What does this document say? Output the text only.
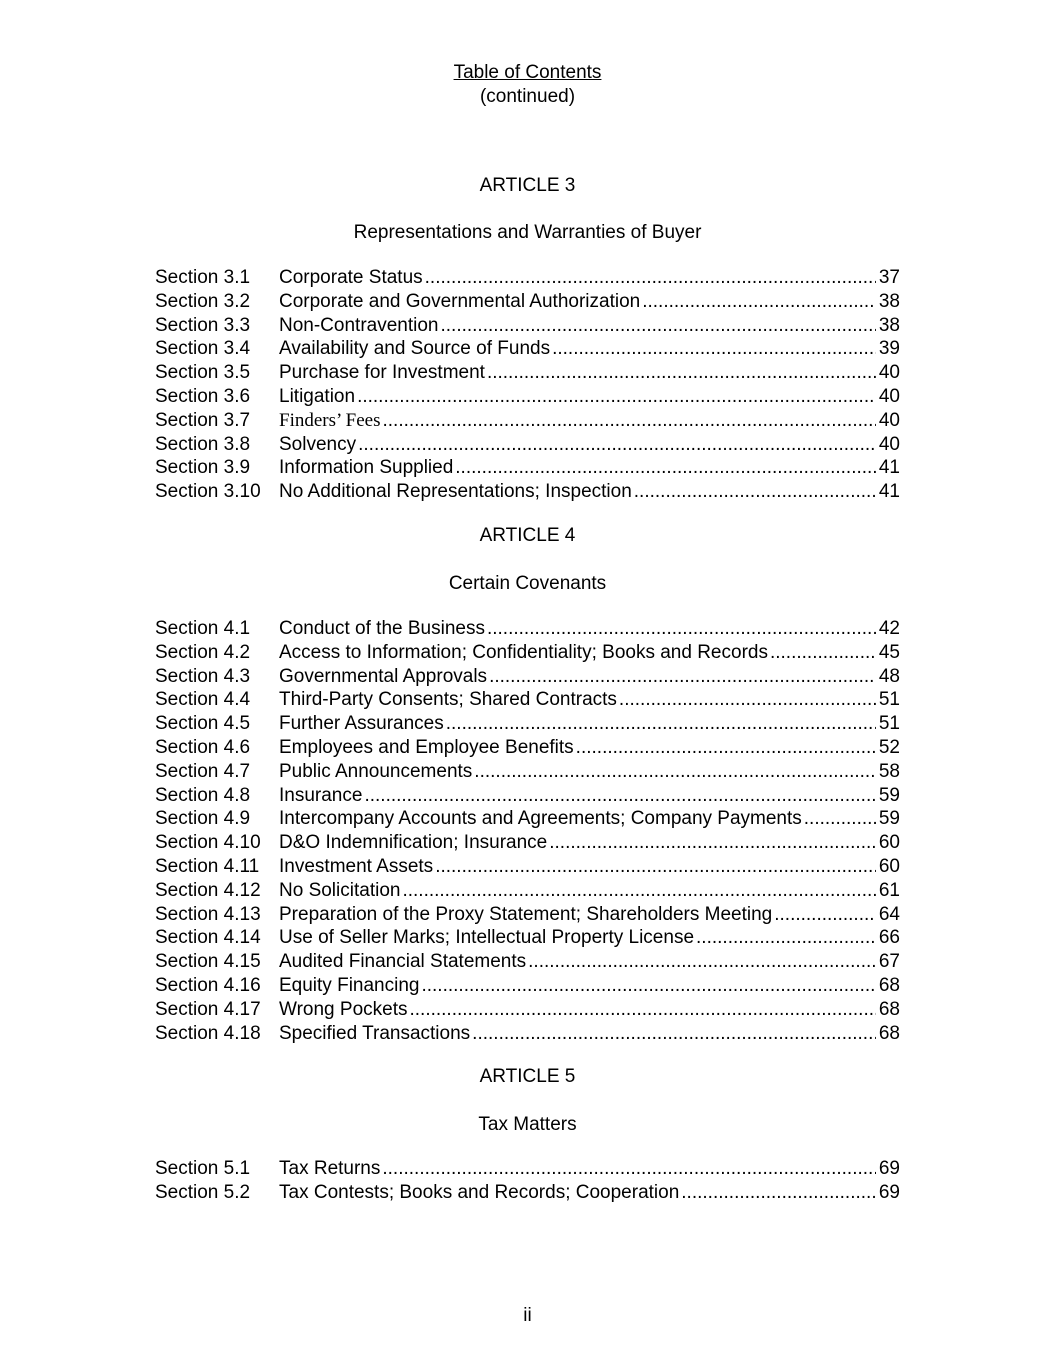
Table of Contents
(continued)
ARTICLE 3
Representations and Warranties of Buyer
Section 3.1	Corporate Status .....	37
Section 3.2	Corporate and Governmental Authorization .....	38
Section 3.3	Non-Contravention .....	38
Section 3.4	Availability and Source of Funds .....	39
Section 3.5	Purchase for Investment .....	40
Section 3.6	Litigation .....	40
Section 3.7	Finders’ Fees .....	40
Section 3.8	Solvency .....	40
Section 3.9	Information Supplied .....	41
Section 3.10 No Additional Representations; Inspection .....	41
ARTICLE 4
Certain Covenants
Section 4.1	Conduct of the Business .....	42
Section 4.2	Access to Information; Confidentiality; Books and Records .....	45
Section 4.3	Governmental Approvals .....	48
Section 4.4	Third-Party Consents; Shared Contracts .....	51
Section 4.5	Further Assurances .....	51
Section 4.6	Employees and Employee Benefits .....	52
Section 4.7	Public Announcements .....	58
Section 4.8	Insurance .....	59
Section 4.9	Intercompany Accounts and Agreements; Company Payments .....	59
Section 4.10 D&O Indemnification; Insurance .....	60
Section 4.11	Investment Assets .....	60
Section 4.12 No Solicitation .....	61
Section 4.13 Preparation of the Proxy Statement; Shareholders Meeting .....	64
Section 4.14 Use of Seller Marks; Intellectual Property License .....	66
Section 4.15 Audited Financial Statements .....	67
Section 4.16 Equity Financing .....	68
Section 4.17 Wrong Pockets .....	68
Section 4.18 Specified Transactions .....	68
ARTICLE 5
Tax Matters
Section 5.1	Tax Returns .....	69
Section 5.2	Tax Contests; Books and Records; Cooperation .....	69
ii
